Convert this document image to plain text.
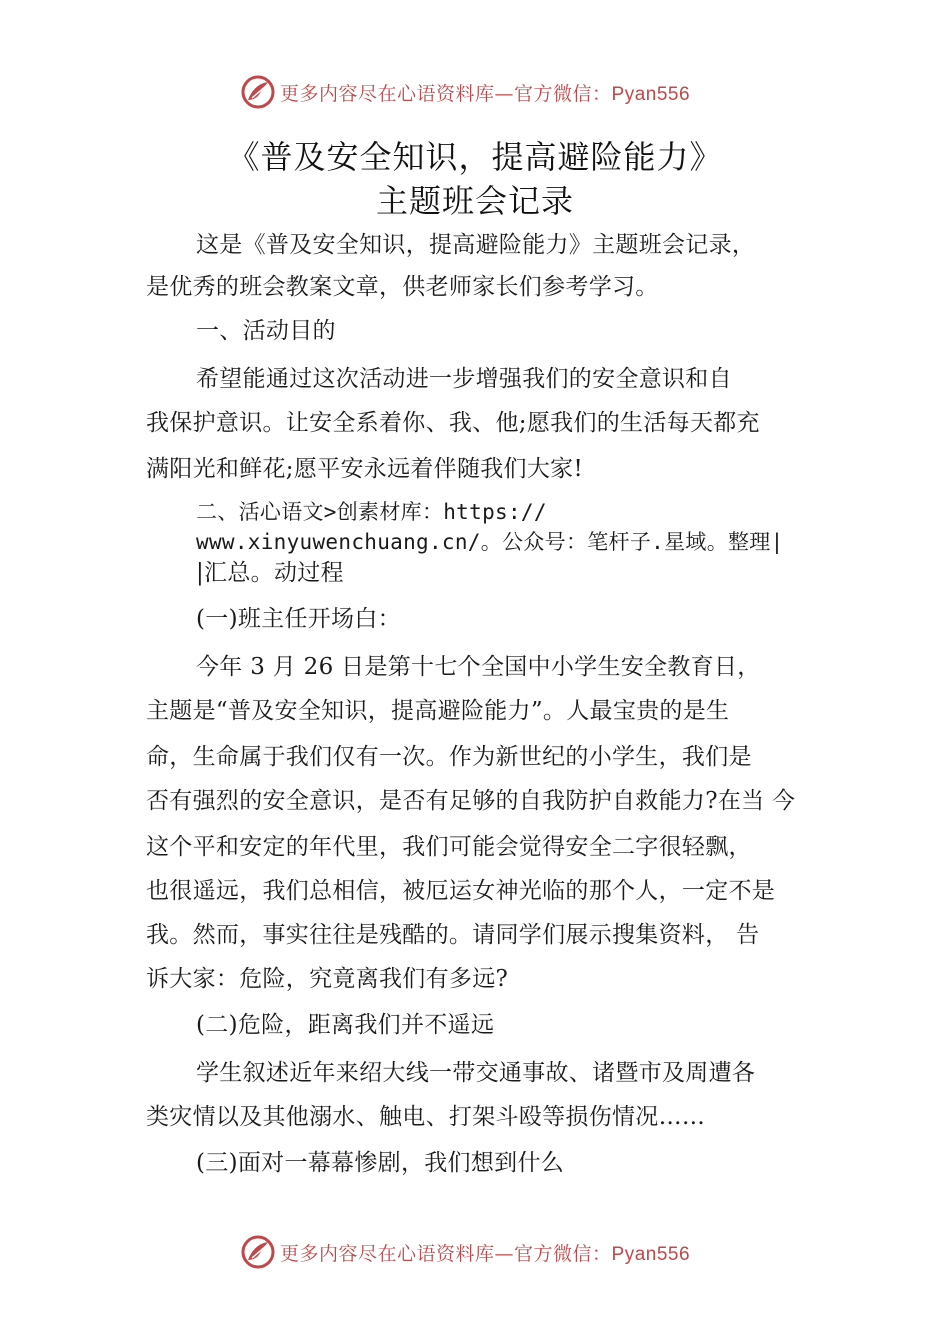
更多内容尽在心语资料库—官方微信：Pyan556
《普及安全知识，提高避险能力》
主题班会记录
这是《普及安全知识，提高避险能力》主题班会记录，
是优秀的班会教案文章，供老师家长们参考学习。
一、活动目的
希望能通过这次活动进一步增强我们的安全意识和自
我保护意识。让安全系着你、我、他;愿我们的生活每天都充
满阳光和鲜花;愿平安永远着伴随我们大家!
二、活心语文>创素材库：https://
www.xinyuwenchuang.cn/。公众号：笔杆子.星域。整理|
|汇总。动过程
(一)班主任开场白：
今年 3 月 26 日是第十七个全国中小学生安全教育日，
主题是“普及安全知识，提高避险能力”。人最宝贵的是生
命，生命属于我们仅有一次。作为新世纪的小学生，我们是
否有强烈的安全意识，是否有足够的自我防护自救能力?在当 今
这个平和安定的年代里，我们可能会觉得安全二字很轻飘，
也很遥远，我们总相信，被厄运女神光临的那个人，一定不是
我。然而，事实往往是残酷的。请同学们展示搜集资料， 告
诉大家：危险，究竟离我们有多远?
(二)危险，距离我们并不遥远
学生叙述近年来绍大线一带交通事故、诸暨市及周遭各
类灾情以及其他溺水、触电、打架斗殴等损伤情况……
(三)面对一幕幕惨剧，我们想到什么
更多内容尽在心语资料库—官方微信：Pyan556
